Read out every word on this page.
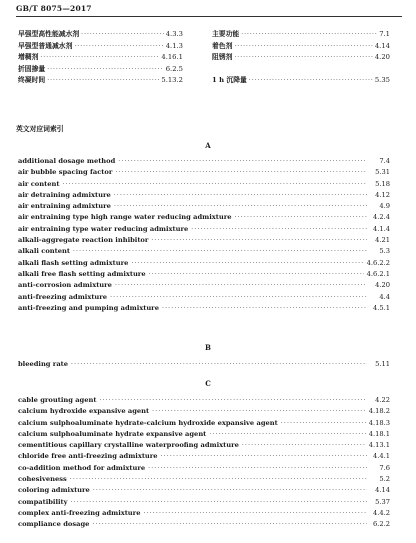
GB/T 8075—2017
早强型高性能减水剂 ·····	4.3.3
早强型普通减水剂 ·····	4.1.3
增稠剂 ·····	4.16.1
折固掺量 ·····	6.2.5
终凝时间 ·····	5.13.2
主要功能 ·····	7.1
着色剂 ·····	4.14
阻锈剂 ·····	4.20
1 h 沉降量 ·····	5.35
英文对应词索引
A
additional dosage method ·····	7.4
air bubble spacing factor ·····	5.31
air content ·····	5.18
air detraining admixture ·····	4.12
air entraining admixture ·····	4.9
air entraining type high range water reducing admixture ·····	4.2.4
air entraining type water reducing admixture ·····	4.1.4
alkali-aggregate reaction inhibitor ·····	4.21
alkali content ·····	5.3
alkali flash setting admixture ·····	4.6.2.2
alkali free flash setting admixture ·····	4.6.2.1
anti-corrosion admixture ·····	4.20
anti-freezing admixture ·····	4.4
anti-freezing and pumping admixture ·····	4.5.1
B
bleeding rate ·····	5.11
C
cable grouting agent ·····	4.22
calcium hydroxide expansive agent ·····	4.18.2
calcium sulphoaluminate hydrate-calcium hydroxide expansive agent ·····	4.18.3
calcium sulphoaluminate hydrate expansive agent ·····	4.18.1
cementitious capillary crystalline waterproofing admixture ·····	4.13.1
chloride free anti-freezing admixture ·····	4.4.1
co-addition method for admixture ·····	7.6
cohesiveness ·····	5.2
coloring admixture ·····	4.14
compatibility ·····	5.37
complex anti-freezing admixture ·····	4.4.2
compliance dosage ·····	6.2.2
